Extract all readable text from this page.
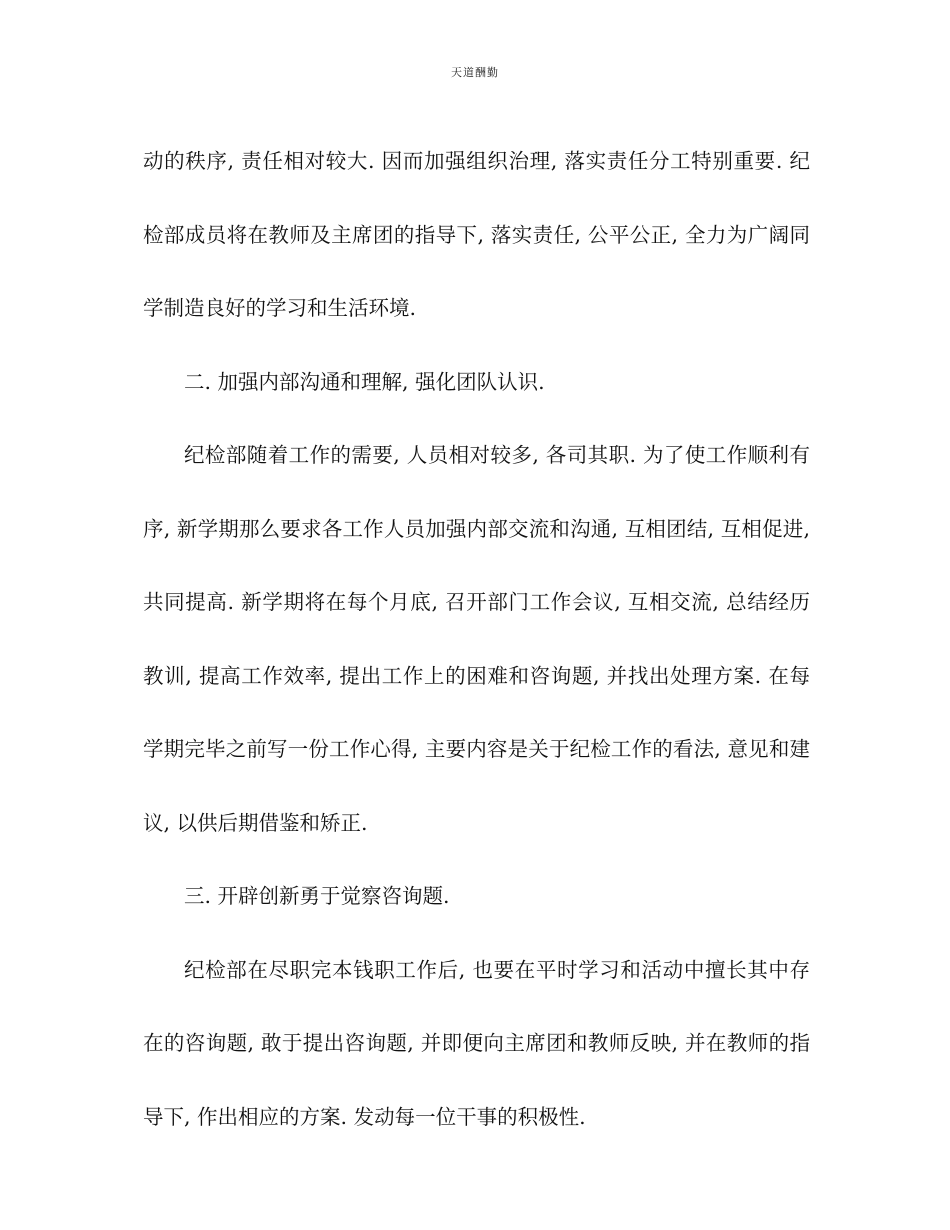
天道酬勤

动的秩序, 责任相对较大. 因而加强组织治理, 落实责任分工特别重要. 纪检部成员将在教师及主席团的指导下, 落实责任, 公平公正, 全力为广阔同学制造良好的学习和生活环境.

二. 加强内部沟通和理解, 强化团队认识.

纪检部随着工作的需要, 人员相对较多, 各司其职. 为了使工作顺利有序, 新学期那么要求各工作人员加强内部交流和沟通, 互相团结, 互相促进, 共同提高. 新学期将在每个月底, 召开部门工作会议, 互相交流, 总结经历教训, 提高工作效率, 提出工作上的困难和咨询题, 并找出处理方案. 在每学期完毕之前写一份工作心得, 主要内容是关于纪检工作的看法, 意见和建议, 以供后期借鉴和矫正.

三. 开辟创新勇于觉察咨询题.

纪检部在尽职完本钱职工作后, 也要在平时学习和活动中擅长其中存在的咨询题, 敢于提出咨询题, 并即便向主席团和教师反映, 并在教师的指导下, 作出相应的方案. 发动每一位干事的积极性.
